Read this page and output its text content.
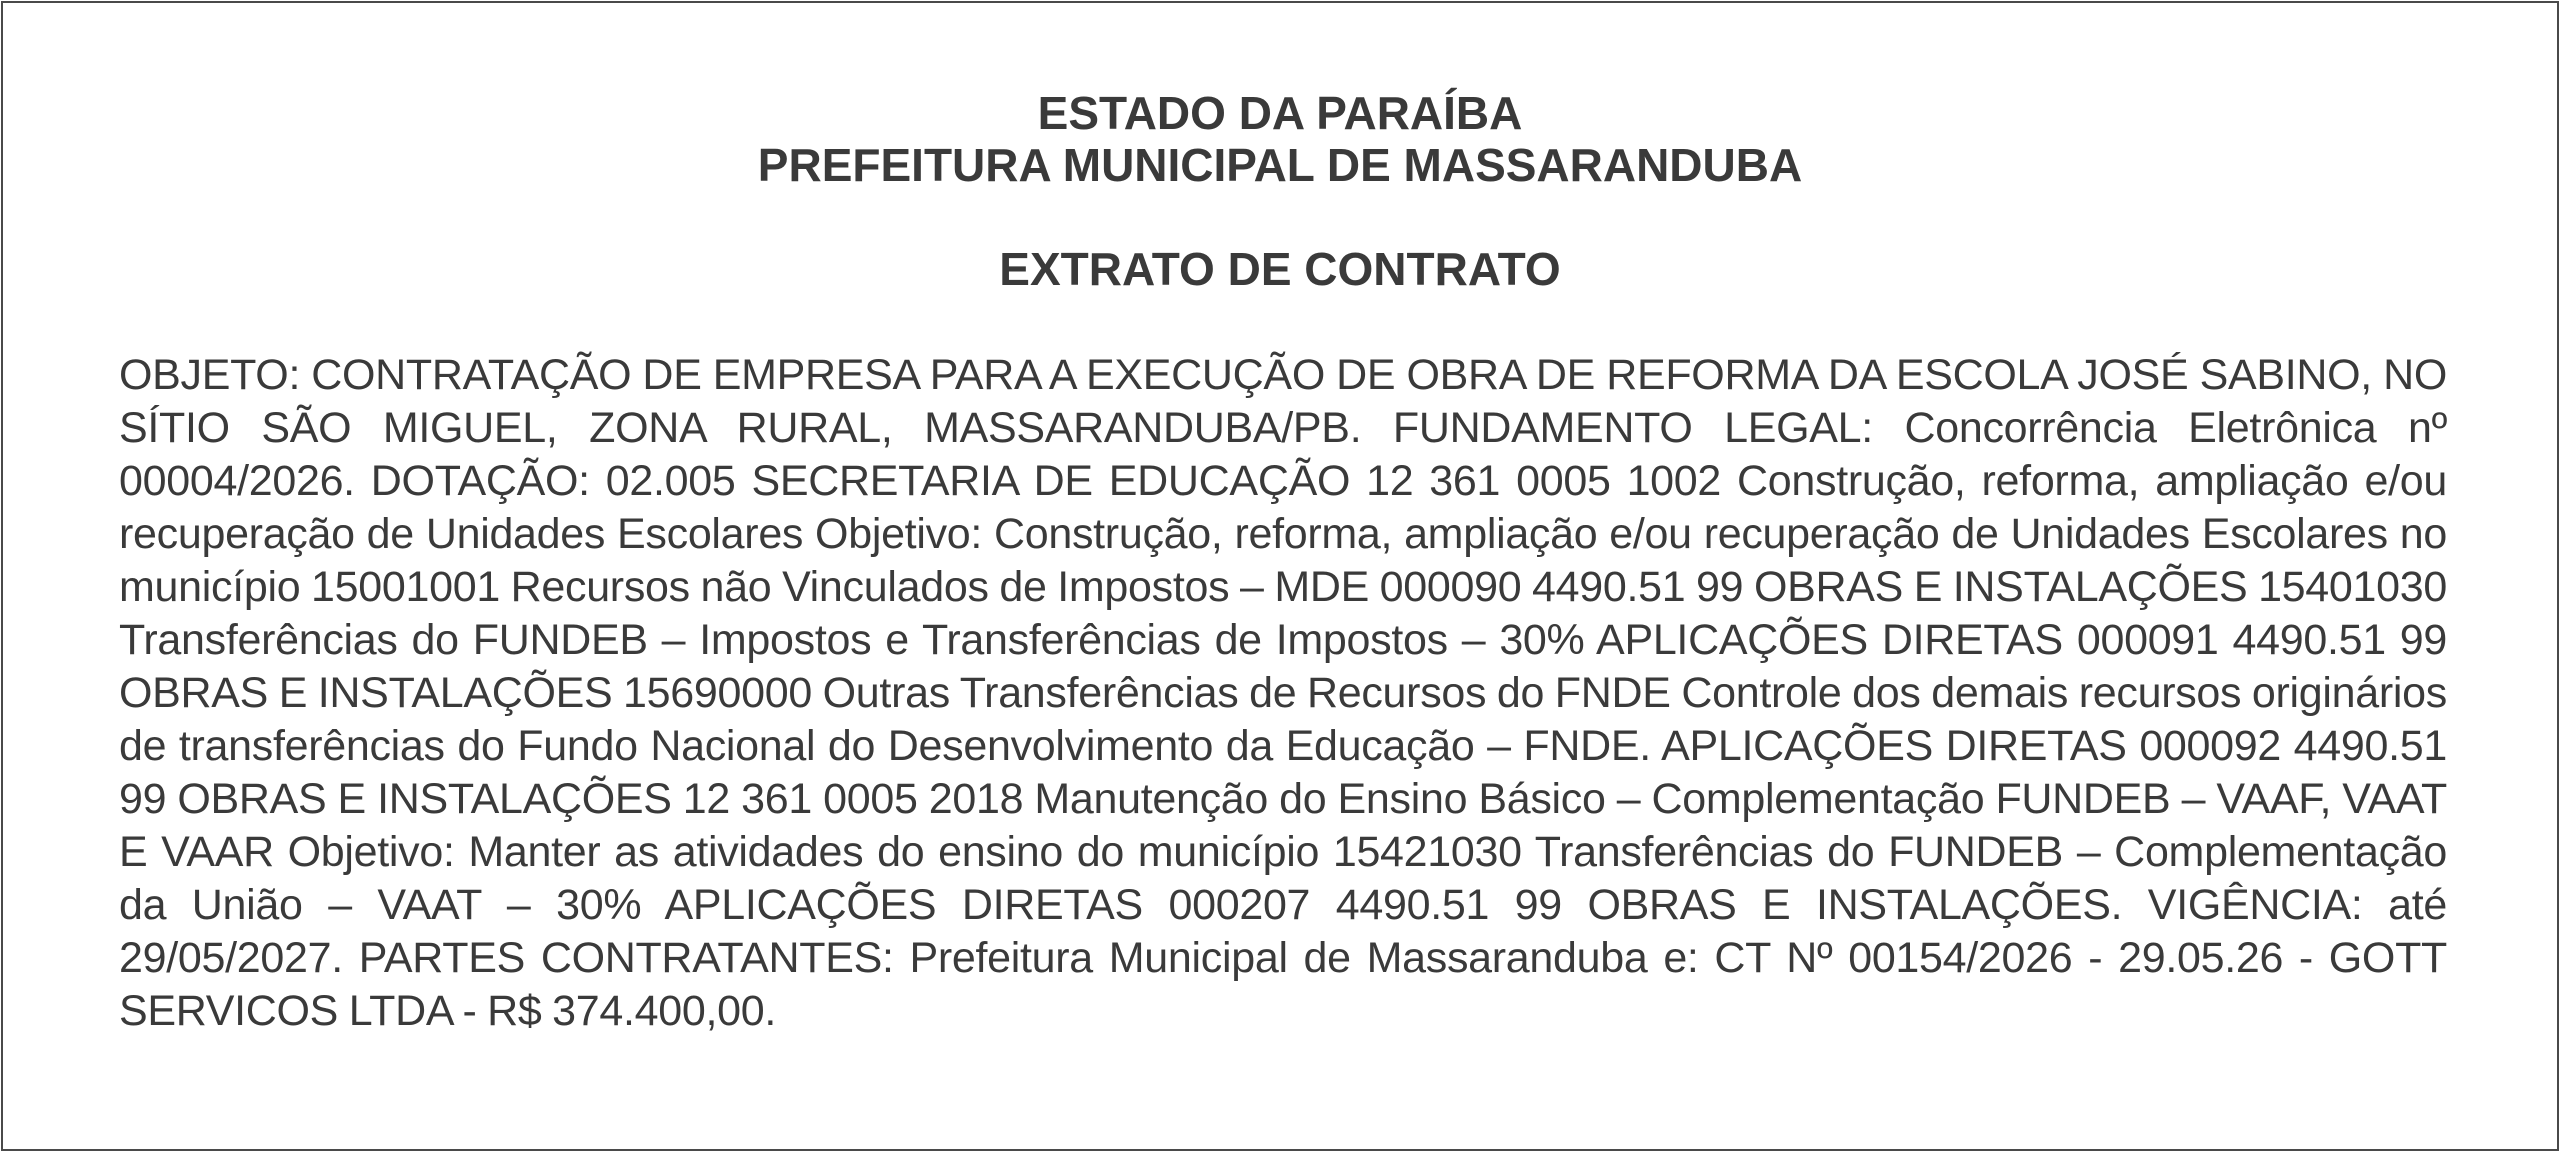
ESTADO DA PARAÍBA
PREFEITURA MUNICIPAL DE MASSARANDUBA
EXTRATO DE CONTRATO
OBJETO: CONTRATAÇÃO DE EMPRESA PARA A EXECUÇÃO DE OBRA DE REFORMA DA ESCOLA JOSÉ SABINO, NO SÍTIO SÃO MIGUEL, ZONA RURAL, MASSARANDUBA/PB. FUNDAMENTO LEGAL: Concorrência Eletrônica nº 00004/2026. DOTAÇÃO: 02.005 SECRETARIA DE EDUCAÇÃO 12 361 0005 1002 Construção, reforma, ampliação e/ou recuperação de Unidades Escolares Objetivo: Construção, reforma, ampliação e/ou recuperação de Unidades Escolares no município 15001001 Recursos não Vinculados de Impostos – MDE 000090 4490.51 99 OBRAS E INSTALAÇÕES 15401030 Transferências do FUNDEB – Impostos e Transferências de Impostos – 30% APLICAÇÕES DIRETAS 000091 4490.51 99 OBRAS E INSTALAÇÕES 15690000 Outras Transferências de Recursos do FNDE Controle dos demais recursos originários de transferências do Fundo Nacional do Desenvolvimento da Educação – FNDE. APLICAÇÕES DIRETAS 000092 4490.51 99 OBRAS E INSTALAÇÕES 12 361 0005 2018 Manutenção do Ensino Básico – Complementação FUNDEB – VAAF, VAAT E VAAR Objetivo: Manter as atividades do ensino do município 15421030 Transferências do FUNDEB – Complementação da União – VAAT – 30% APLICAÇÕES DIRETAS 000207 4490.51 99 OBRAS E INSTALAÇÕES. VIGÊNCIA: até 29/05/2027. PARTES CONTRATANTES: Prefeitura Municipal de Massaranduba e: CT Nº 00154/2026 - 29.05.26 - GOTT SERVICOS LTDA - R$ 374.400,00.
